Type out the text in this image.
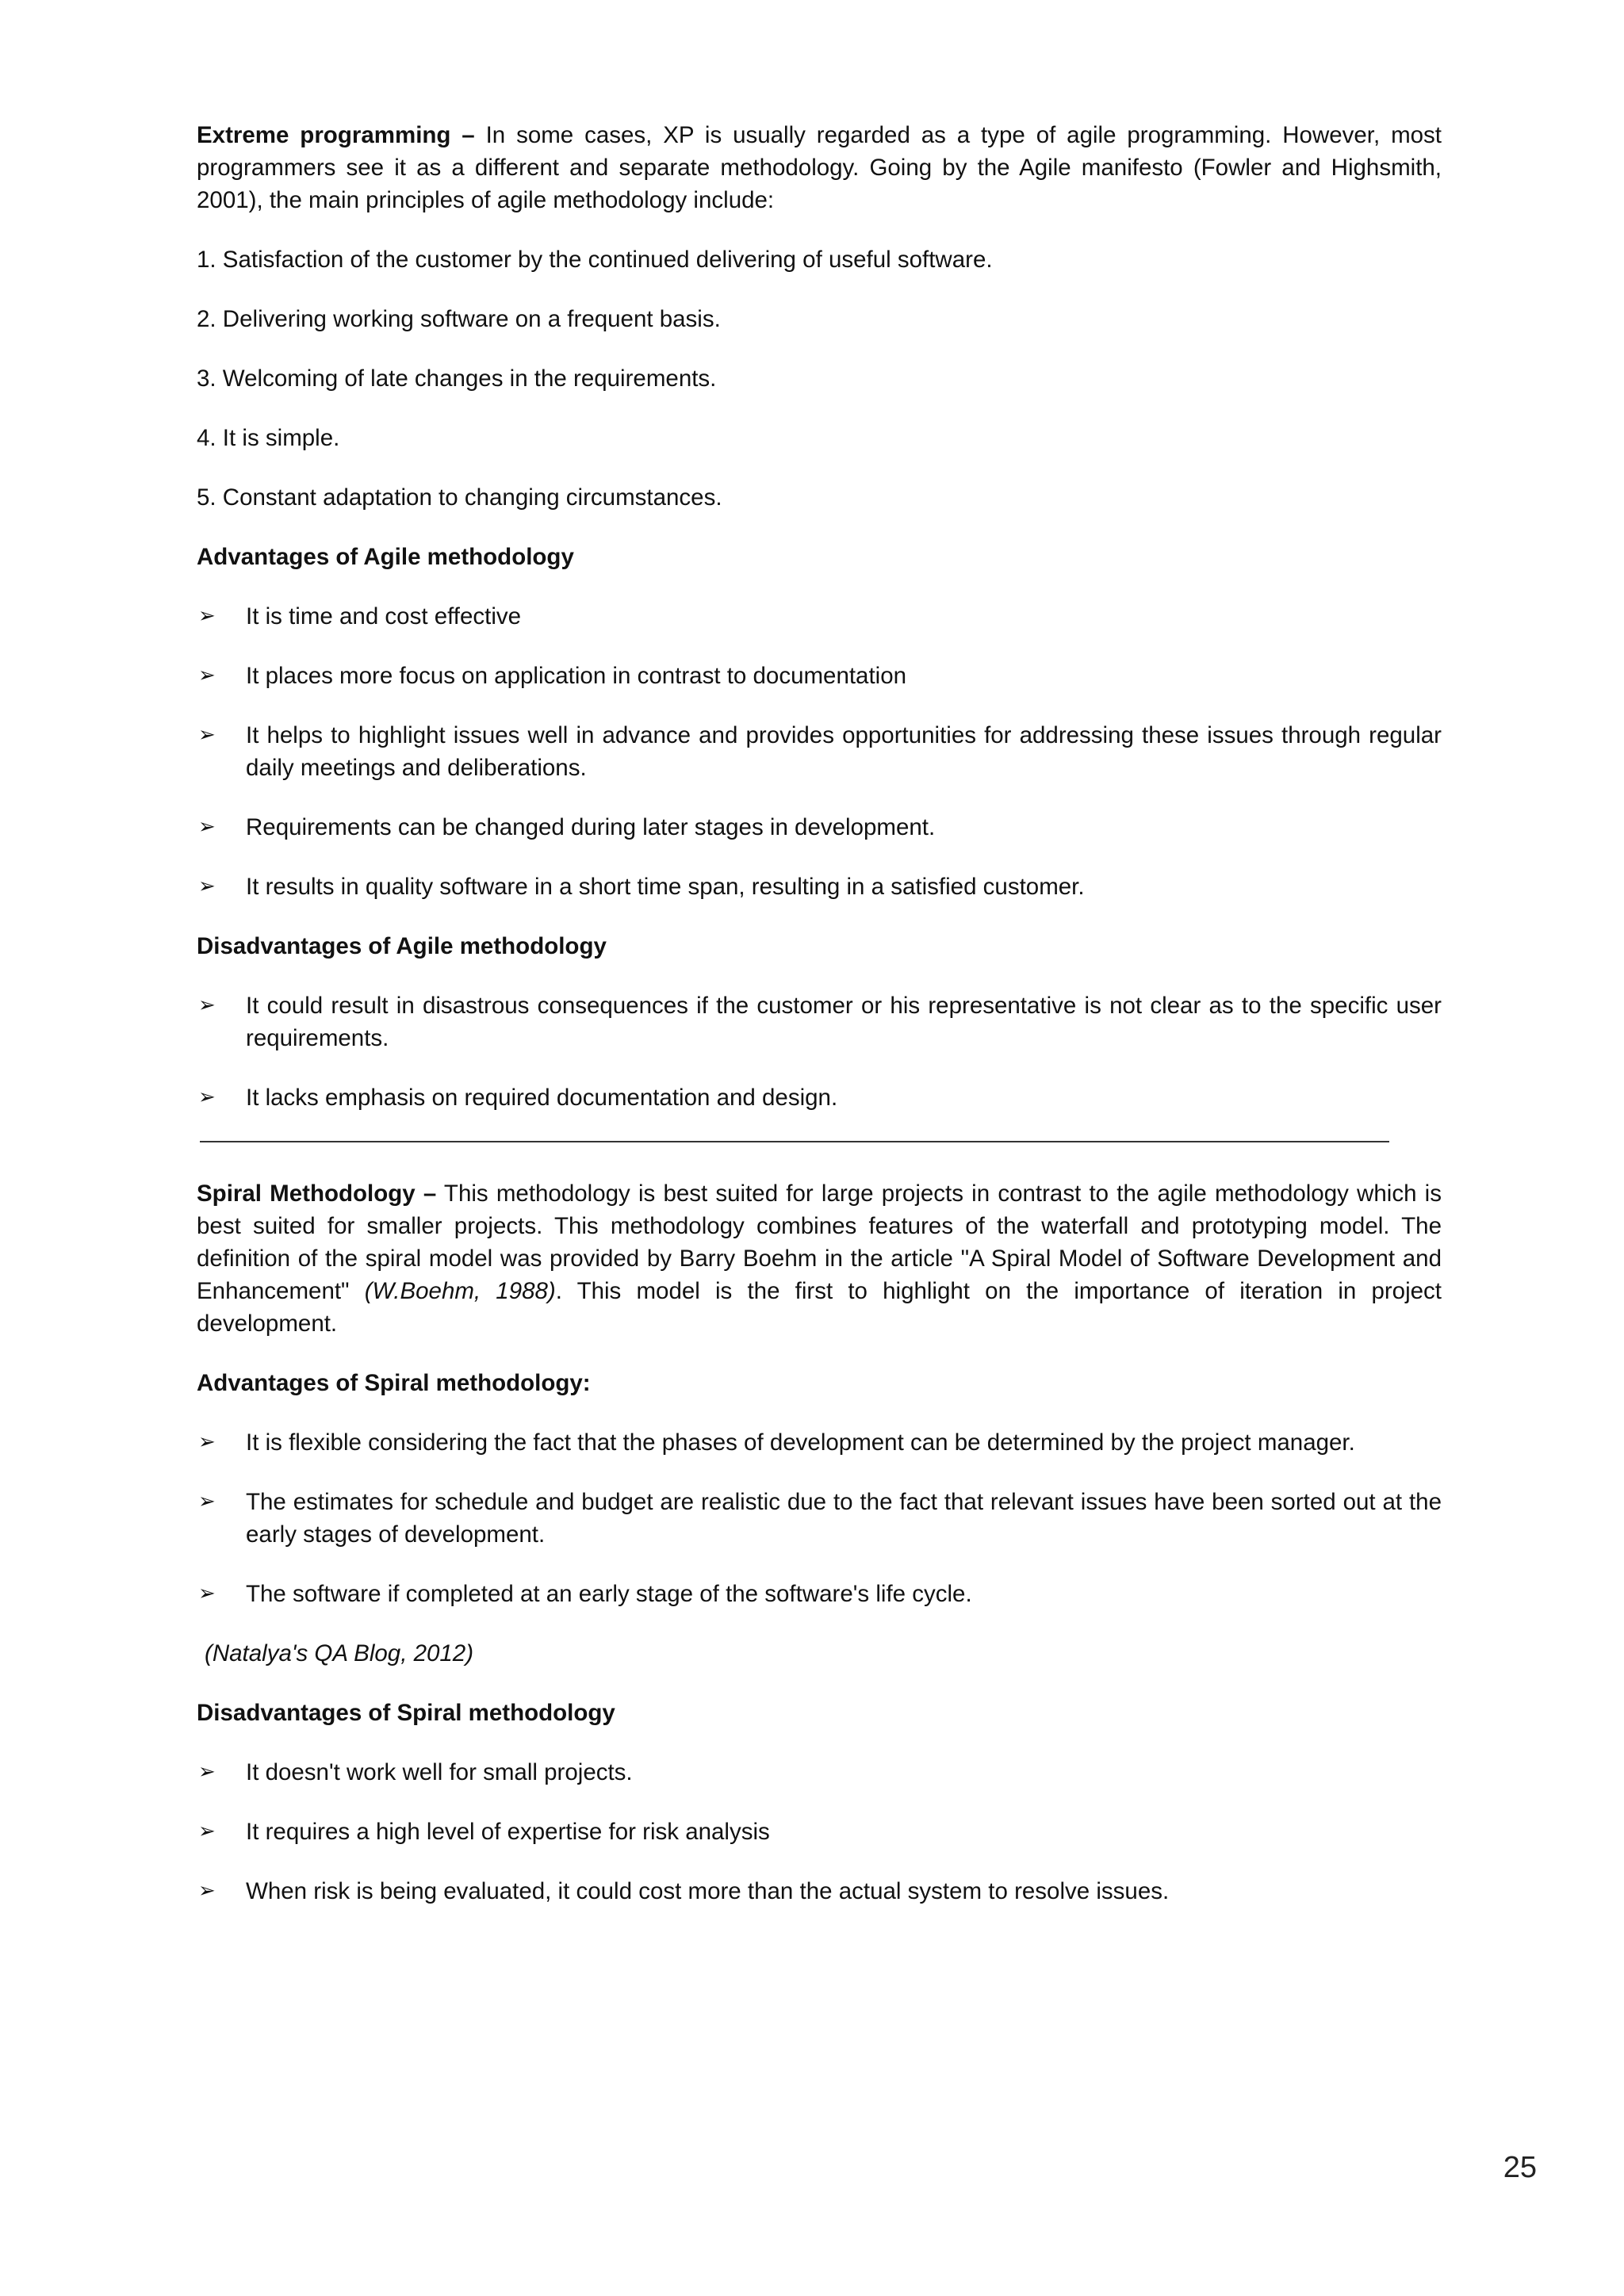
Extreme programming – In some cases, XP is usually regarded as a type of agile programming. However, most programmers see it as a different and separate methodology. Going by the Agile manifesto (Fowler and Highsmith, 2001), the main principles of agile methodology include:

1. Satisfaction of the customer by the continued delivering of useful software.

2. Delivering working software on a frequent basis.

3. Welcoming of late changes in the requirements.

4. It is simple.

5. Constant adaptation to changing circumstances.

Advantages of Agile methodology

➢ It is time and cost effective
➢ It places more focus on application in contrast to documentation
➢ It helps to highlight issues well in advance and provides opportunities for addressing these issues through regular daily meetings and deliberations.
➢ Requirements can be changed during later stages in development.
➢ It results in quality software in a short time span, resulting in a satisfied customer.

Disadvantages of Agile methodology

➢ It could result in disastrous consequences if the customer or his representative is not clear as to the specific user requirements.
➢ It lacks emphasis on required documentation and design.

Spiral Methodology – This methodology is best suited for large projects in contrast to the agile methodology which is best suited for smaller projects. This methodology combines features of the waterfall and prototyping model. The definition of the spiral model was provided by Barry Boehm in the article "A Spiral Model of Software Development and Enhancement" (W.Boehm, 1988). This model is the first to highlight on the importance of iteration in project development.

Advantages of Spiral methodology:

➢ It is flexible considering the fact that the phases of development can be determined by the project manager.
➢ The estimates for schedule and budget are realistic due to the fact that relevant issues have been sorted out at the early stages of development.
➢ The software if completed at an early stage of the software's life cycle.

(Natalya's QA Blog, 2012)

Disadvantages of Spiral methodology

➢ It doesn't work well for small projects.
➢ It requires a high level of expertise for risk analysis
➢ When risk is being evaluated, it could cost more than the actual system to resolve issues.
25
